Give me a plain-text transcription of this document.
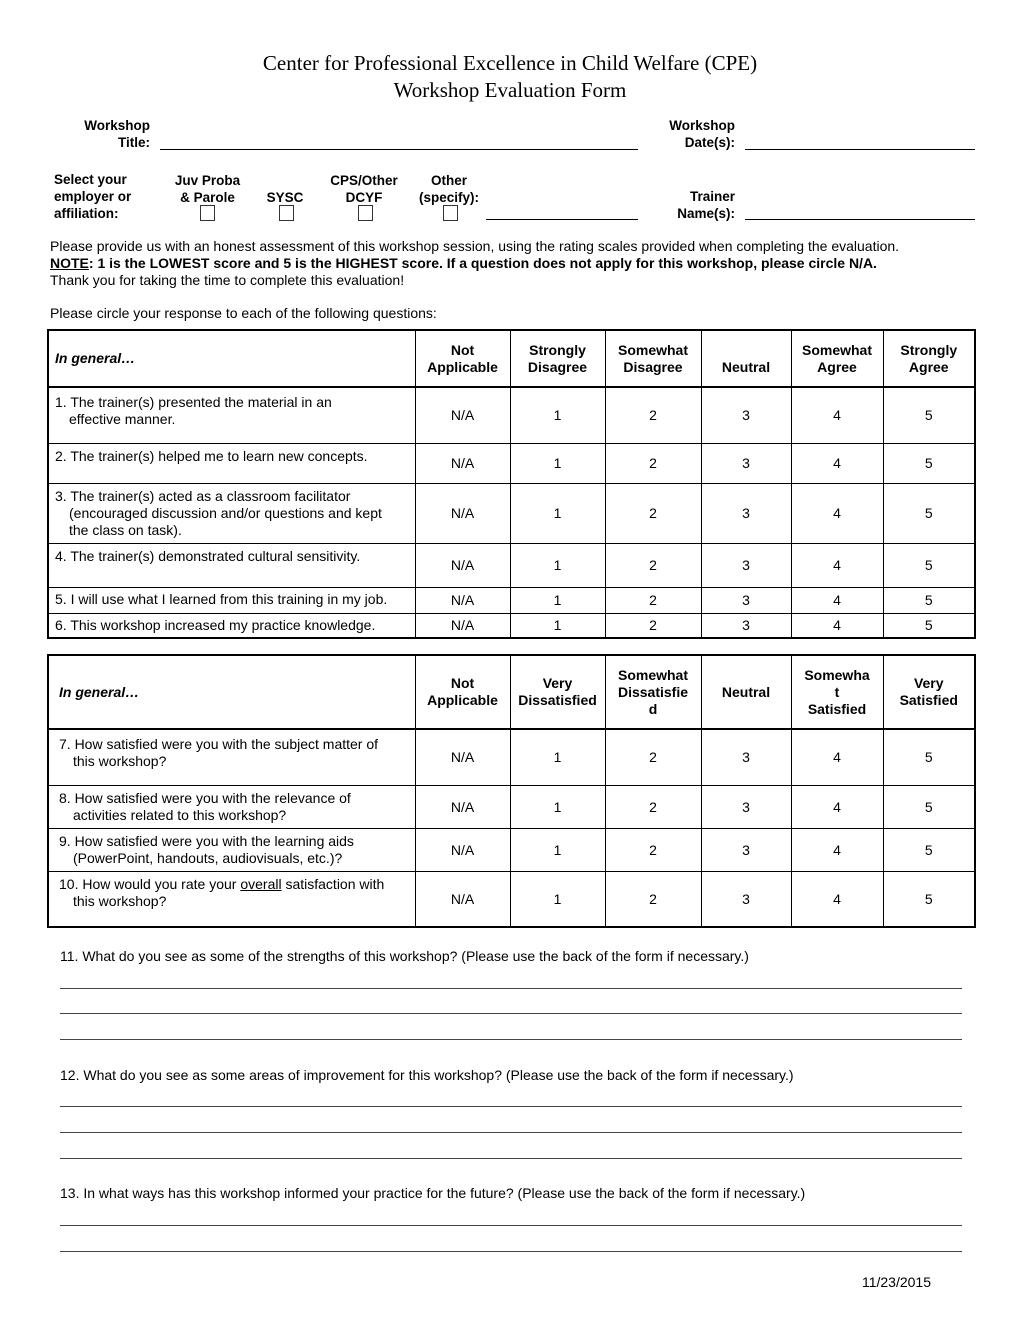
Center for Professional Excellence in Child Welfare (CPE)
Workshop Evaluation Form
Workshop
Title:
Workshop
Date(s):
Select your
employer or
affiliation:
Juv Proba
& Parole	SYSC
CPS/Other
DCYF
Other
(specify):	Trainer
Name(s):
Please provide us with an honest assessment of this workshop session, using the rating scales provided when completing the evaluation.
NOTE: 1 is the LOWEST score and 5 is the HIGHEST score. If a question does not apply for this workshop, please circle N/A.
Thank you for taking the time to complete this evaluation!
Please circle your response to each of the following questions:
In general…	
Not
Applicable

Strongly
Disagree

Somewhat
Disagree	Neutral

Somewhat
Agree

Strongly
Agree

1. The trainer(s) presented the material in an
effective manner.	N/A	1	2	3	4	5
2. The trainer(s) helped me to learn new concepts.	N/A	1	2	3	4	5
3. The trainer(s) acted as a classroom facilitator
(encouraged discussion and/or questions and kept
the class on task).	N/A	1	2	3	4	5
4. The trainer(s) demonstrated cultural sensitivity.	N/A	1	2	3	4	5
5. I will use what I learned from this training in my job.	N/A	1	2	3	4	5
6. This workshop increased my practice knowledge.	N/A	1	2	3	4	5
In general…	
Not
Applicable

Very
Dissatisfied

Somewhat
Dissatisfie
d

Neutral

Somewha
t
Satisfied

Very
Satisfied

7. How satisfied were you with the subject matter of
this workshop?	N/A	1	2	3	4	5
8. How satisfied were you with the relevance of
activities related to this workshop?	N/A	1	2	3	4	5
9. How satisfied were you with the learning aids
(PowerPoint, handouts, audiovisuals, etc.)?	N/A	1	2	3	4	5
10. How would you rate your overall satisfaction with
this workshop?	N/A	1	2	3	4	5
11. What do you see as some of the strengths of this workshop? (Please use the back of the form if necessary.)
12. What do you see as some areas of improvement for this workshop? (Please use the back of the form if necessary.)
13. In what ways has this workshop informed your practice for the future? (Please use the back of the form if necessary.)
11/23/2015
